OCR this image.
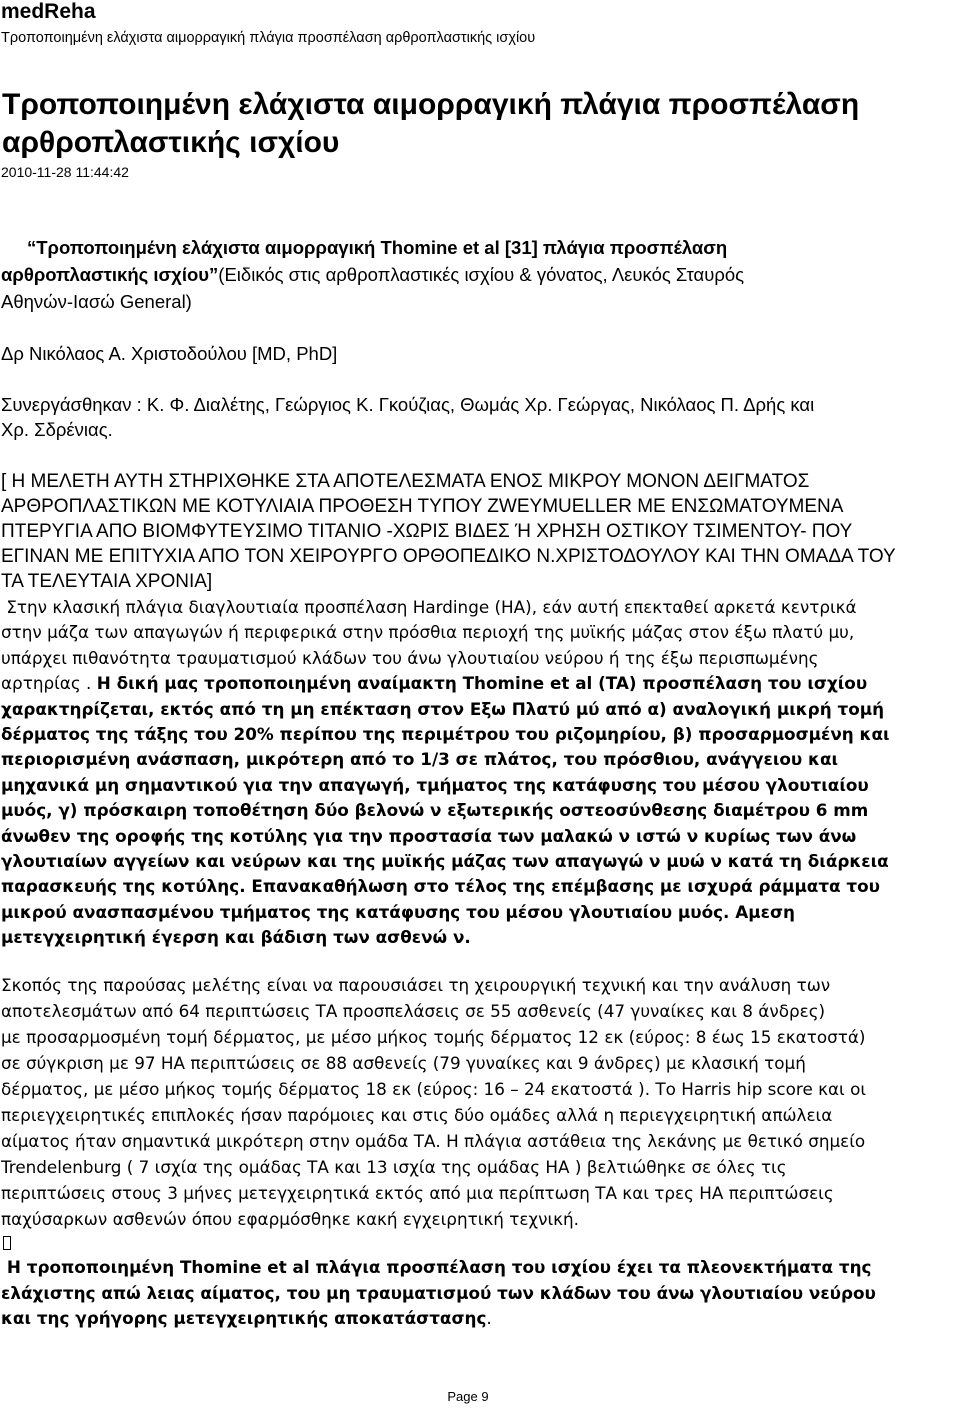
medReha
Τροποποιημένη ελάχιστα αιμορραγική πλάγια προσπέλαση αρθροπλαστικής ισχίου
Τροποποιημένη ελάχιστα αιμορραγική πλάγια προσπέλαση αρθροπλαστικής ισχίου
2010-11-28 11:44:42
“Τροποποιημένη ελάχιστα αιμορραγική Thomine et al [31] πλάγια προσπέλαση
αρθροπλαστικής ισχίου”(Ειδικός στις αρθροπλαστικές ισχίου & γόνατος, Λευκός Σταυρός
Αθηνών-Ιασώ General)
Δρ Νικόλαος Α. Χριστοδούλου [MD, PhD]
Συνεργάσθηκαν : Κ. Φ. Διαλέτης, Γεώργιος Κ. Γκούζιας, Θωμάς Χρ. Γεώργας, Νικόλαος Π. Δρής και
Χρ. Σδρένιας.
[ Η ΜΕΛΕΤΗ ΑΥΤΗ ΣΤΗΡΙΧΘΗΚΕ ΣΤΑ ΑΠΟΤΕΛΕΣΜΑΤΑ ΕΝΟΣ ΜΙΚΡΟΥ ΜΟΝΟΝ ΔΕΙΓΜΑΤΟΣ
ΑΡΘΡΟΠΛΑΣΤΙΚΩΝ ΜΕ ΚΟΤΥΛΙΑΙΑ ΠΡΟΘΕΣΗ ΤΥΠΟΥ ZWEYMUELLER ΜΕ ΕΝΣΩΜΑΤΟΥΜΕΝΑ
ΠΤΕΡΥΓΙΑ ΑΠΟ ΒΙΟΜΦΥΤΕΥΣΙΜΟ ΤΙΤΑΝΙΟ -ΧΩΡΙΣ ΒΙΔΕΣ Ή ΧΡΗΣΗ ΟΣΤΙΚΟΥ ΤΣΙΜΕΝΤΟΥ- ΠΟΥ
ΕΓΙΝΑΝ ΜΕ ΕΠΙΤΥΧΙΑ ΑΠΟ ΤΟΝ ΧΕΙΡΟΥΡΓΟ ΟΡΘΟΠΕΔΙΚΟ Ν.ΧΡΙΣΤΟΔΟΥΛΟΥ ΚΑΙ ΤΗΝ ΟΜΑΔΑ ΤΟΥ
ΤΑ ΤΕΛΕΥΤΑΙΑ ΧΡΟΝΙΑ]
Στην κλασική πλάγια διαγλουτιαία προσπέλαση Hardinge (HA), εάν αυτή επεκταθεί αρκετά κεντρικά
στην μάζα των απαγωγών ή περιφερικά στην πρόσθια περιοχή της μυϊκής μάζας στον έξω πλατύ μυ,
υπάρχει πιθανότητα τραυματισμού κλάδων του άνω γλουτιαίου νεύρου ή της έξω περισπωμένης
αρτηρίας . Η δική μας τροποποιημένη αναίμακτη Thomine et al (TA) προσπέλαση του ισχίου
χαρακτηρίζεται, εκτός από τη μη επέκταση στον Εξω Πλατύ μύ από α) αναλογική μικρή τομή
δέρματος της τάξης του 20% περίπου της περιμέτρου του ριζομηρίου, β) προσαρμοσμένη και
περιορισμένη ανάσπαση, μικρότερη από το 1/3 σε πλάτος, του πρόσθιου, ανάγγειου και
μηχανικά μη σημαντικού για την απαγωγή, τμήματος της κατάφυσης του μέσου γλουτιαίου
μυός, γ) πρόσκαιρη τοποθέτηση δύο βελονώ ν εξωτερικής οστεοσύνθεσης διαμέτρου 6 mm
άνωθεν της οροφής της κοτύλης για την προστασία των μαλακώ ν ιστώ ν κυρίως των άνω
γλουτιαίων αγγείων και νεύρων και της μυϊκής μάζας των απαγωγώ ν μυώ ν κατά τη διάρκεια
παρασκευής της κοτύλης. Επανακαθήλωση στο τέλος της επέμβασης με ισχυρά ράμματα του
μικρού ανασπασμένου τμήματος της κατάφυσης του μέσου γλουτιαίου μυός. Αμεση
μετεγχειρητική έγερση και βάδιση των ασθενώ ν.
Σκοπός της παρούσας μελέτης είναι να παρουσιάσει τη χειρουργική τεχνική και την ανάλυση των
αποτελεσμάτων από 64 περιπτώσεις ΤΑ προσπελάσεις σε 55 ασθενείς (47 γυναίκες και 8 άνδρες)
με προσαρμοσμένη τομή δέρματος, με μέσο μήκος τομής δέρματος 12 εκ (εύρος: 8 έως 15 εκατοστά)
σε σύγκριση με 97 ΗΑ περιπτώσεις σε 88 ασθενείς (79 γυναίκες και 9 άνδρες) με κλασική τομή
δέρματος, με μέσο μήκος τομής δέρματος 18 εκ (εύρος: 16 – 24 εκατοστά ). Το Harris hip score και οι
περιεγχειρητικές επιπλοκές ήσαν παρόμοιες και στις δύο ομάδες αλλά η περιεγχειρητική απώλεια
αίματος ήταν σημαντικά μικρότερη στην ομάδα ΤΑ. Η πλάγια αστάθεια της λεκάνης με θετικό σημείο
Trendelenburg ( 7 ισχία της ομάδας ΤΑ και 13 ισχία της ομάδας ΗΑ ) βελτιώθηκε σε όλες τις
περιπτώσεις στους 3 μήνες μετεγχειρητικά εκτός από μια περίπτωση ΤΑ και τρες ΗΑ περιπτώσεις
παχύσαρκων ασθενών όπου εφαρμόσθηκε κακή εγχειρητική τεχνική.
Η τροποποιημένη Thomine et al πλάγια προσπέλαση του ισχίου έχει τα πλεονεκτήματα της
ελάχιστης απώ λειας αίματος, του μη τραυματισμού των κλάδων του άνω γλουτιαίου νεύρου
και της γρήγορης μετεγχειρητικής αποκατάστασης.
Page 9
